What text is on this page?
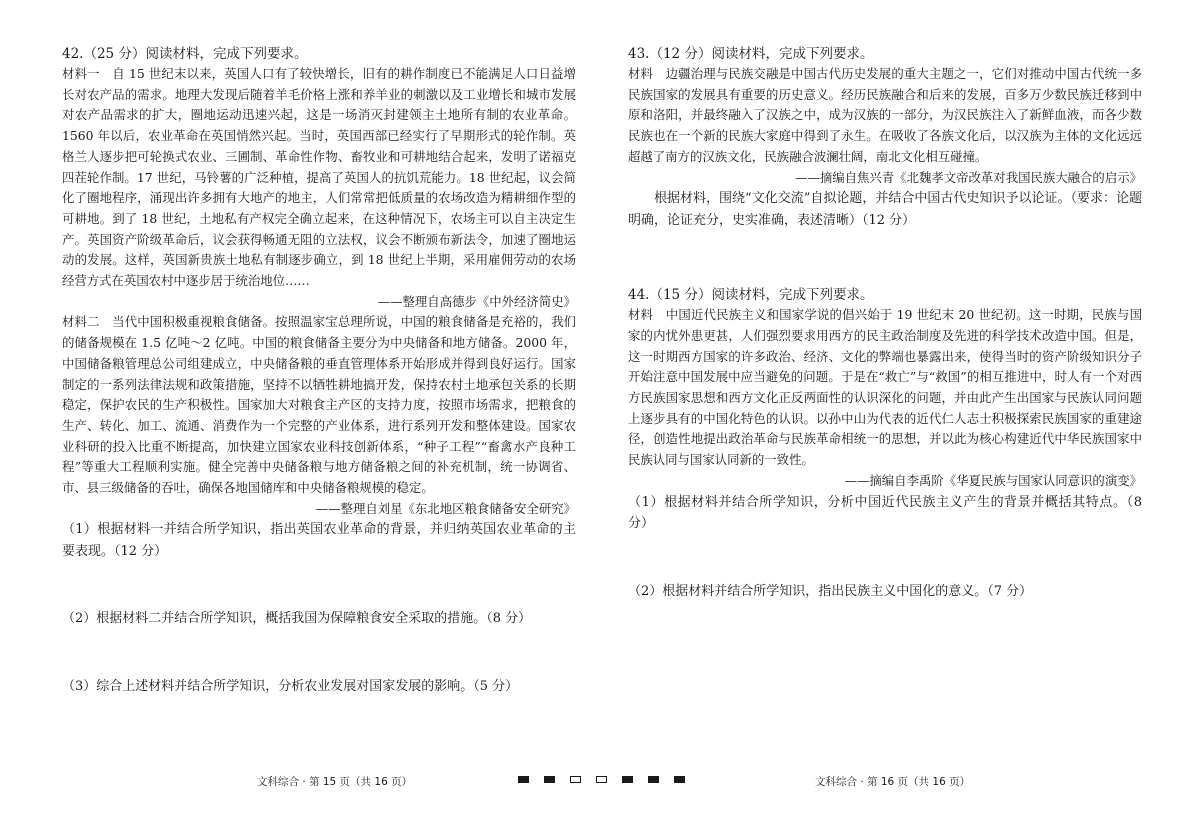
42.（25 分）阅读材料，完成下列要求。

材料一　自 15 世纪末以来，英国人口有了较快增长，旧有的耕作制度已不能满足人口日益增长对农产品的需求。地理大发现后随着羊毛价格上涨和养羊业的刺激以及工业增长和城市发展对农产品需求的扩大，圈地运动迅速兴起，这是一场消灭封建领主土地所有制的农业革命。1560 年以后，农业革命在英国悄然兴起。当时，英国西部已经实行了早期形式的轮作制。英格兰人逐步把可轮换式农业、三圃制、革命性作物、畜牧业和可耕地结合起来，发明了诺福克四茬轮作制。17 世纪，马铃薯的广泛种植，提高了英国人的抗饥荒能力。18 世纪起，议会简化了圈地程序，涌现出许多拥有大地产的地主，人们常常把低质量的农场改造为精耕细作型的可耕地。到了 18 世纪，土地私有产权完全确立起来，在这种情况下，农场主可以自主决定生产。英国资产阶级革命后，议会获得畅通无阻的立法权，议会不断颁布新法令，加速了圈地运动的发展。这样，英国新贵族土地私有制逐步确立，到 18 世纪上半期，采用雇佣劳动的农场经营方式在英国农村中逐步居于统治地位……

——整理自高德步《中外经济简史》

材料二　当代中国积极重视粮食储备。按照温家宝总理所说，中国的粮食储备是充裕的，我们的储备规模在 1.5 亿吨～2 亿吨。中国的粮食储备主要分为中央储备和地方储备。2000 年，中国储备粮管理总公司组建成立，中央储备粮的垂直管理体系开始形成并得到良好运行。国家制定的一系列法律法规和政策措施，坚持不以牺牲耕地搞开发，保持农村土地承包关系的长期稳定，保护农民的生产积极性。国家加大对粮食主产区的支持力度，按照市场需求，把粮食的生产、转化、加工、流通、消费作为一个完整的产业体系，进行系列开发和整体建设。国家农业科研的投入比重不断提高，加快建立国家农业科技创新体系，“种子工程”“畜禽水产良种工程”等重大工程顺利实施。健全完善中央储备粮与地方储备粮之间的补充机制，统一协调省、市、县三级储备的吞吐，确保各地国储库和中央储备粮规模的稳定。

——整理自刘星《东北地区粮食储备安全研究》

（1）根据材料一并结合所学知识，指出英国农业革命的背景，并归纳英国农业革命的主要表现。（12 分）

（2）根据材料二并结合所学知识，概括我国为保障粮食安全采取的措施。（8 分）

（3）综合上述材料并结合所学知识，分析农业发展对国家发展的影响。（5 分）

43.（12 分）阅读材料，完成下列要求。

材料　边疆治理与民族交融是中国古代历史发展的重大主题之一，它们对推动中国古代统一多民族国家的发展具有重要的历史意义。经历民族融合和后来的发展，百多万少数民族迁移到中原和洛阳，并最终融入了汉族之中，成为汉族的一部分，为汉民族注入了新鲜血液，而各少数民族也在一个新的民族大家庭中得到了永生。在吸收了各族文化后，以汉族为主体的文化远远超越了南方的汉族文化，民族融合波澜壮阔，南北文化相互碰撞。

——摘编自焦兴青《北魏孝文帝改革对我国民族大融合的启示》

根据材料，围绕“文化交流”自拟论题，并结合中国古代史知识予以论证。（要求：论题明确，论证充分，史实准确，表述清晰）（12 分）

44.（15 分）阅读材料，完成下列要求。

材料　中国近代民族主义和国家学说的倡兴始于 19 世纪末 20 世纪初。这一时期，民族与国家的内忧外患更甚，人们强烈要求用西方的民主政治制度及先进的科学技术改造中国。但是，这一时期西方国家的许多政治、经济、文化的弊端也暴露出来，使得当时的资产阶级知识分子开始注意中国发展中应当避免的问题。于是在“救亡”与“救国”的相互推进中，时人有一个对西方民族国家思想和西方文化正反两面性的认识深化的问题，并由此产生出国家与民族认同问题上逐步具有的中国化特色的认识。以孙中山为代表的近代仁人志士积极探索民族国家的重建途径，创造性地提出政治革命与民族革命相统一的思想，并以此为核心构建近代中华民族国家中民族认同与国家认同新的一致性。

——摘编自李禹阶《华夏民族与国家认同意识的演变》

（1）根据材料并结合所学知识，分析中国近代民族主义产生的背景并概括其特点。（8 分）

（2）根据材料并结合所学知识，指出民族主义中国化的意义。（7 分）

文科综合 · 第 15 页（共 16 页）	文科综合 · 第 16 页（共 16 页）
